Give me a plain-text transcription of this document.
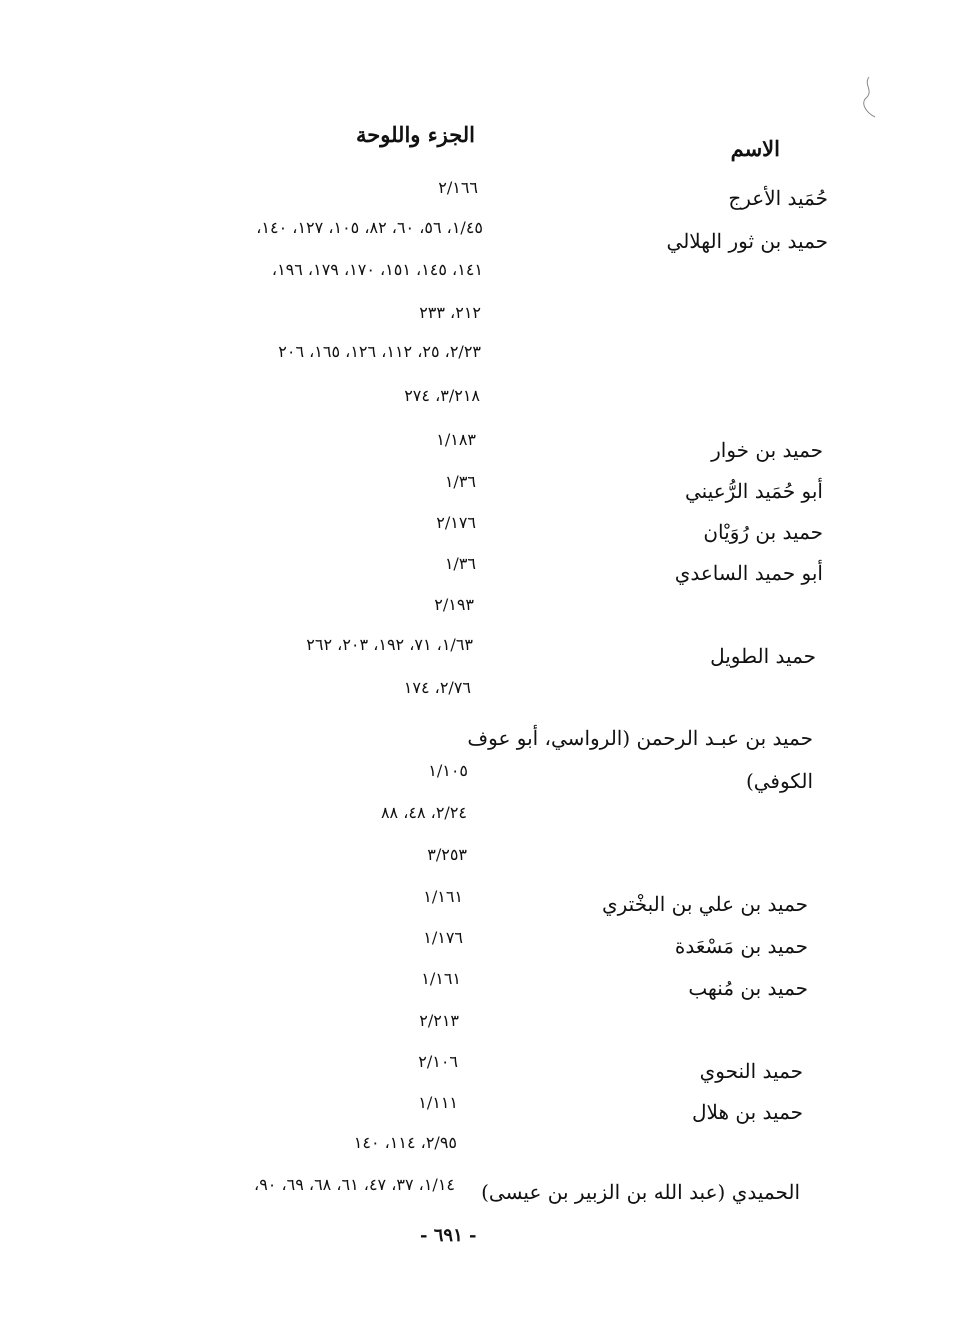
الاسم
الجزء واللوحة
حُمَيد الأعرج
حميد بن ثور الهلالي
حميد بن خوار
أبو حُمَيد الرُّعيني
حميد بن رُوَيْان
أبو حميد الساعدي
حميد الطويل
حميد بن عبـد الرحمن (الرواسي، أبو عوف
الكوفي)
حميد بن علي بن البخْتري
حميد بن مَسْعَدة
حميد بن مُنهب
حميد النحوي
حميد بن هلال
الحميدي (عبد الله بن الزبير بن عيسى)
٢/١٦٦
١/٤٥، ٥٦، ٦٠، ٨٢، ١٠٥، ١٢٧، ١٤٠،
١٤١، ١٤٥، ١٥١، ١٧٠، ١٧٩، ١٩٦،
٢١٢، ٢٣٣
٢/٢٣، ٢٥، ١١٢، ١٢٦، ١٦٥، ٢٠٦
٣/٢١٨، ٢٧٤
١/١٨٣
١/٣٦
٢/١٧٦
١/٣٦
٢/١٩٣
١/٦٣، ٧١، ١٩٢، ٢٠٣، ٢٦٢
٢/٧٦، ١٧٤
١/١٠٥
٢/٢٤، ٤٨، ٨٨
٣/٢٥٣
١/١٦١
١/١٧٦
١/١٦١
٢/٢١٣
٢/١٠٦
١/١١١
٢/٩٥، ١١٤، ١٤٠
١/١٤، ٣٧، ٤٧، ٦١، ٦٨، ٦٩، ٩٠،
- ٦٩١ -
